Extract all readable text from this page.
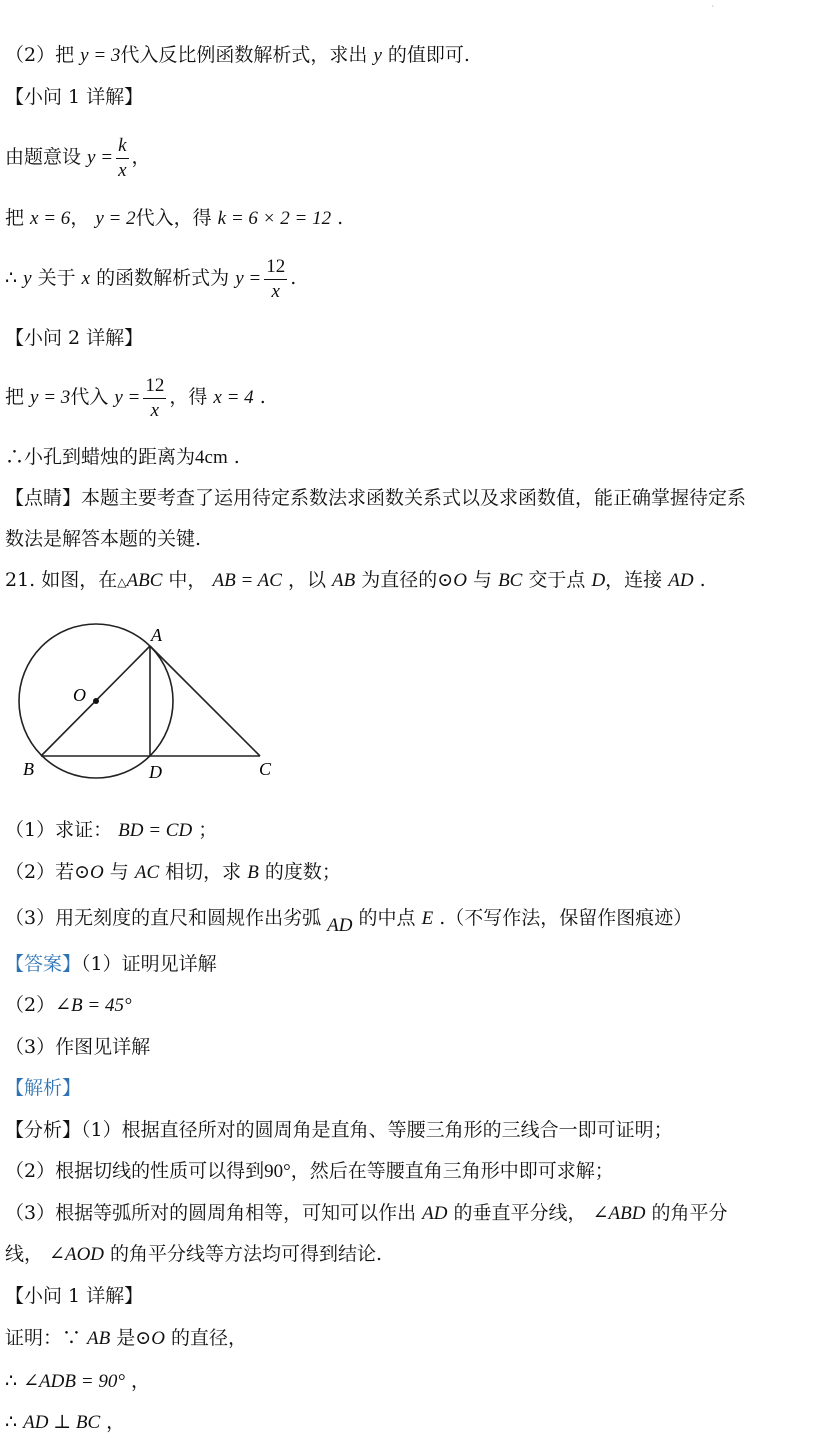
·
（2）把 y = 3代入反比例函数解析式，求出 y 的值即可.
【小问 1 详解】
由题意设 $y = \frac{k}{x}$ ，
把 x = 6， y = 2代入，得 k = 6 × 2 = 12 .
∴ y 关于 x 的函数解析式为 $y = \frac{12}{x}$ .
【小问 2 详解】
把 y = 3代入 $y = \frac{12}{x}$ ，得 x = 4 .
∴小孔到蜡烛的距离为4cm .
【点睛】本题主要考查了运用待定系数法求函数关系式以及求函数值，能正确掌握待定系
数法是解答本题的关键.
21. 如图，在△ABC 中， AB = AC ，以 AB 为直径的⊙O 与 BC 交于点 D，连接 AD .
A
O
B	D	C
（1）求证： BD = CD ；
（2）若⊙O 与 AC 相切，求 B 的度数；
（3）用无刻度的直尺和圆规作出劣弧 AD 的中点 E .（不写作法，保留作图痕迹）
【答案】（1）证明见详解
（2）∠B = 45°
（3）作图见详解
【解析】
【分析】（1）根据直径所对的圆周角是直角、等腰三角形的三线合一即可证明；
（2）根据切线的性质可以得到90°，然后在等腰直角三角形中即可求解；
（3）根据等弧所对的圆周角相等，可知可以作出 AD 的垂直平分线， ∠ABD 的角平分
线， ∠AOD 的角平分线等方法均可得到结论.
【小问 1 详解】
证明：∵ AB 是⊙O 的直径，
∴ ∠ADB = 90° ，
∴ AD ⊥ BC ，
